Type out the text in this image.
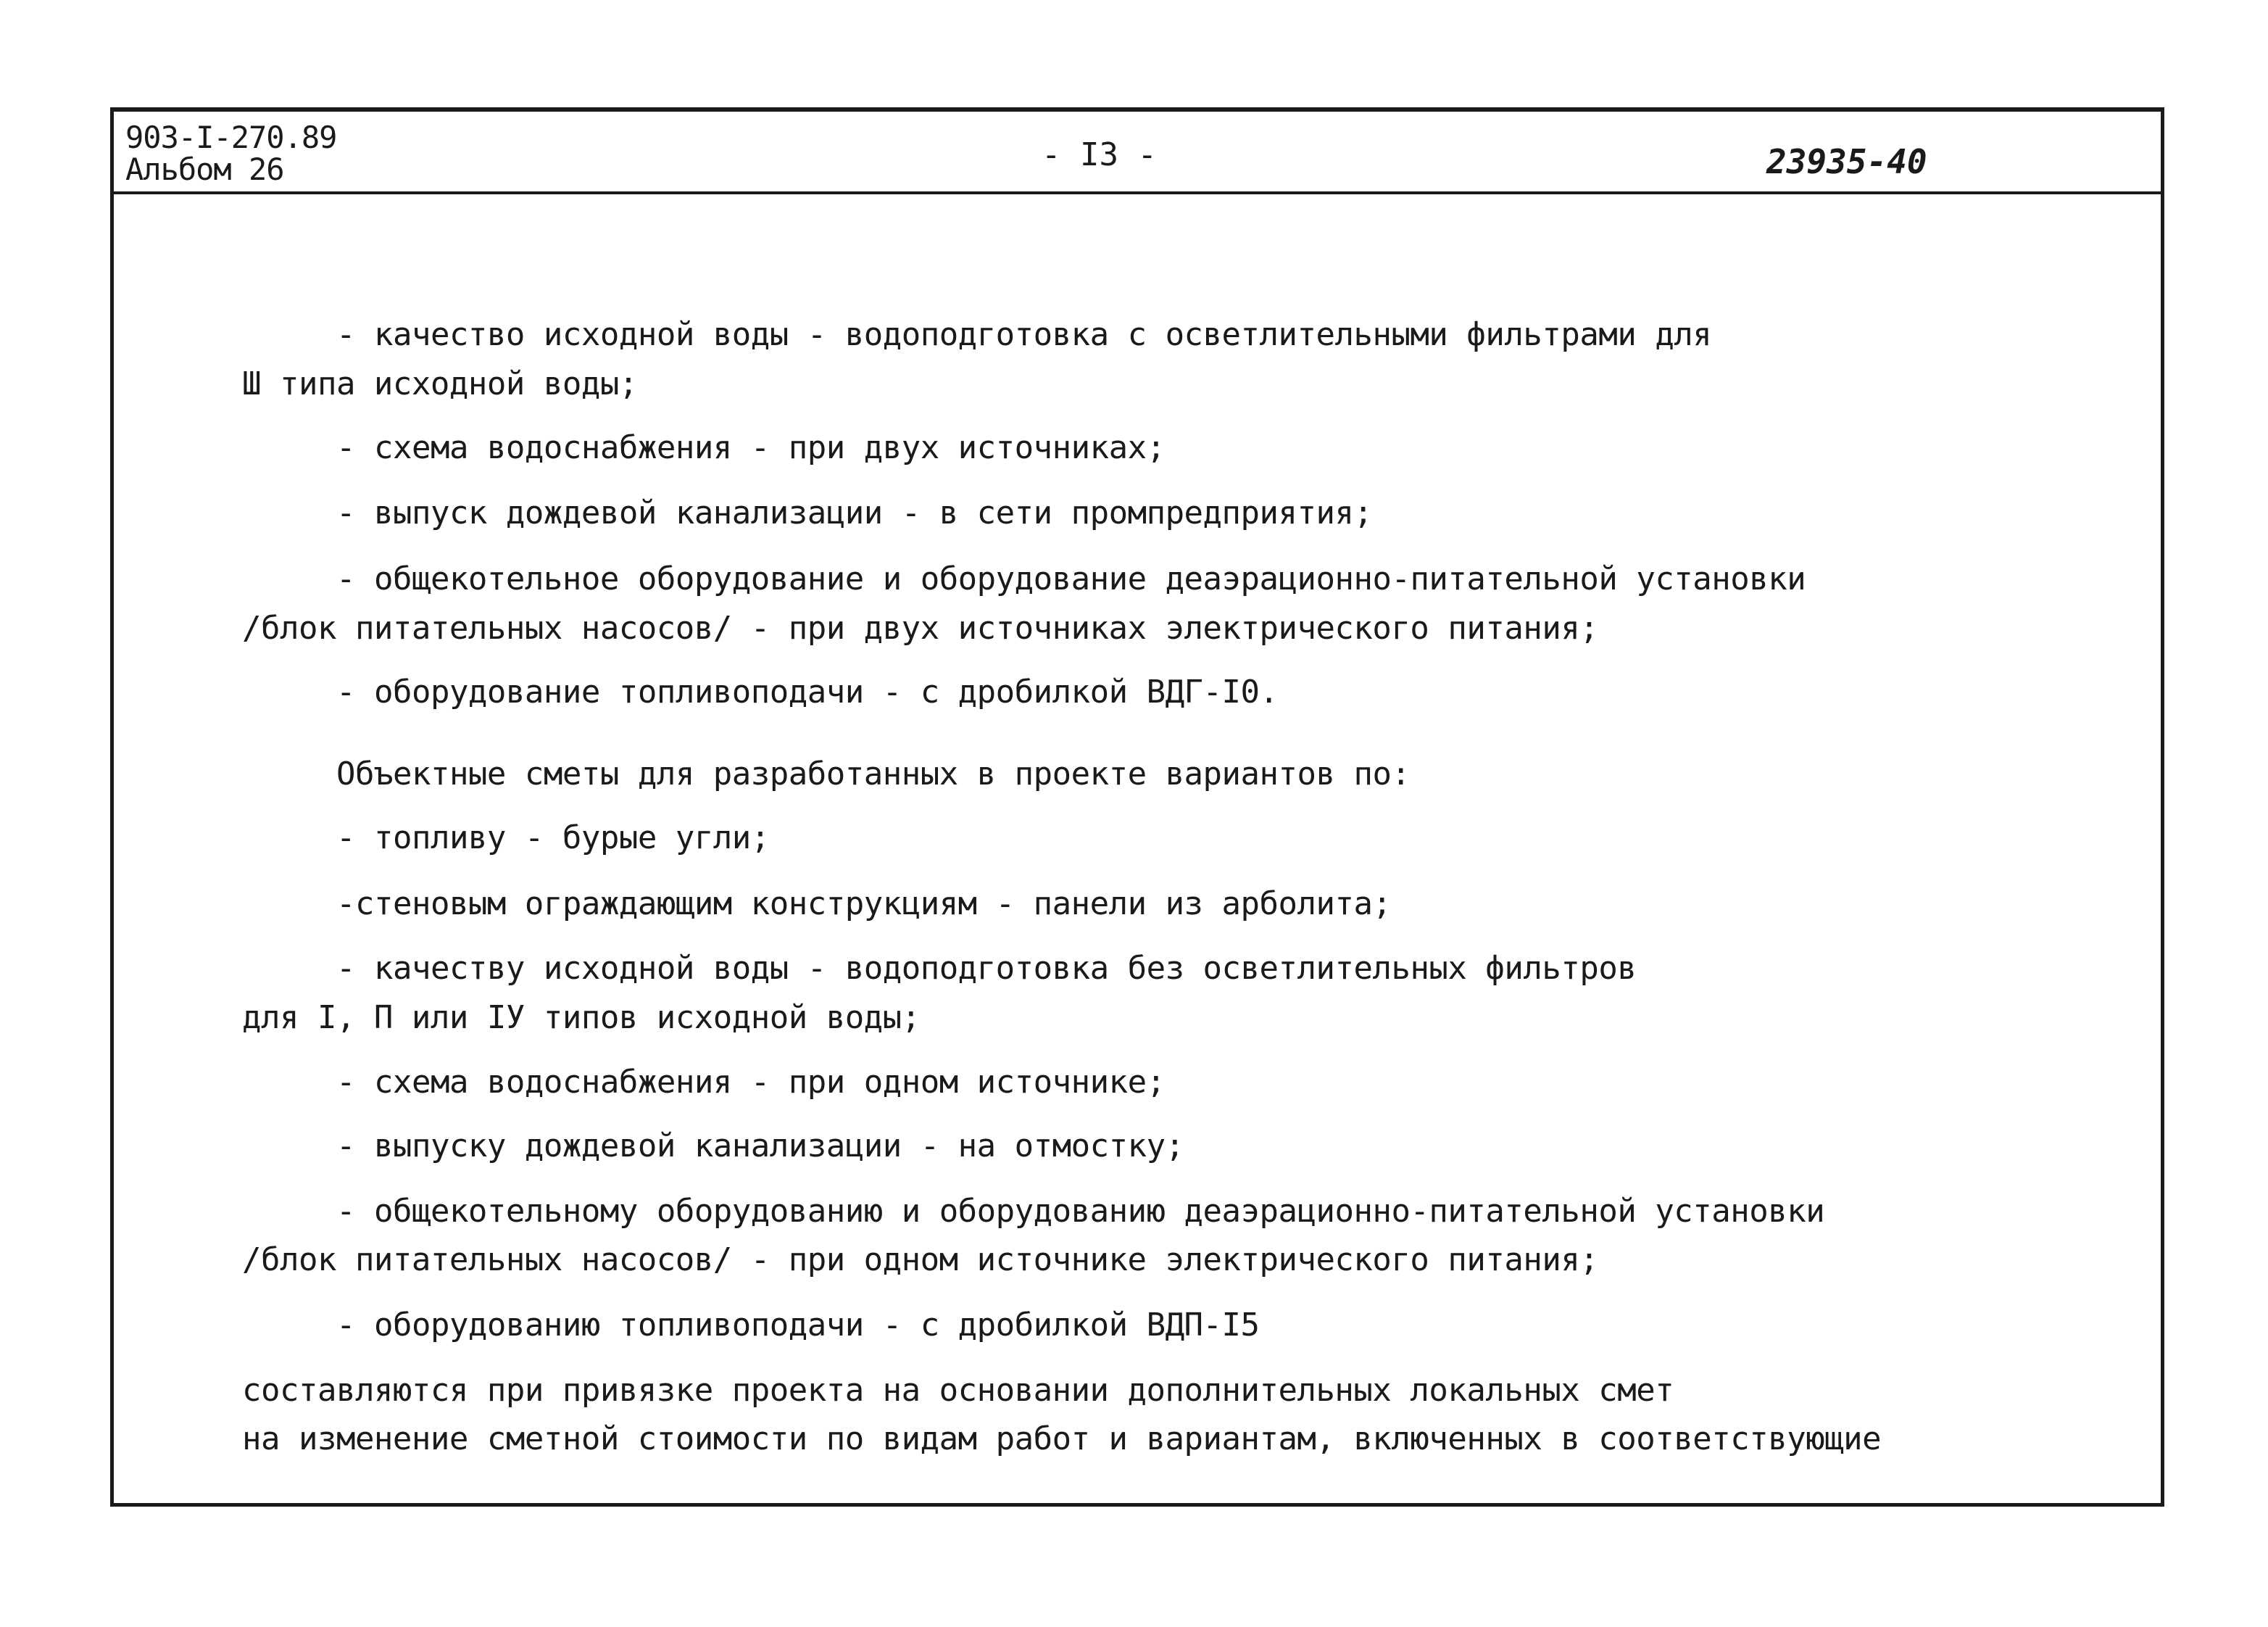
903-I-270.89
Альбом 26	- I3 -	23935-40
- качество исходной воды - водоподготовка с осветлительными фильтрами для
Ш типа исходной воды;
- схема водоснабжения - при двух источниках;
- выпуск дождевой канализации - в сети промпредприятия;
- общекотельное оборудование и оборудование деаэрационно-питательной установки
/блок питательных насосов/ - при двух источниках электрического питания;
- оборудование топливоподачи - с дробилкой ВДГ-I0.
Объектные сметы для разработанных в проекте вариантов по:
- топливу - бурые угли;
-стеновым ограждающим конструкциям - панели из арболита;
- качеству исходной воды - водоподготовка без осветлительных фильтров
для I, П или IУ типов исходной воды;
- схема водоснабжения - при одном источнике;
- выпуску дождевой канализации - на отмостку;
- общекотельному оборудованию и оборудованию деаэрационно-питательной установки
/блок питательных насосов/ - при одном источнике электрического питания;
- оборудованию топливоподачи - с дробилкой ВДП-I5
составляются при привязке проекта на основании дополнительных локальных смет
на изменение сметной стоимости по видам работ и вариантам, включенных в соответствующие
